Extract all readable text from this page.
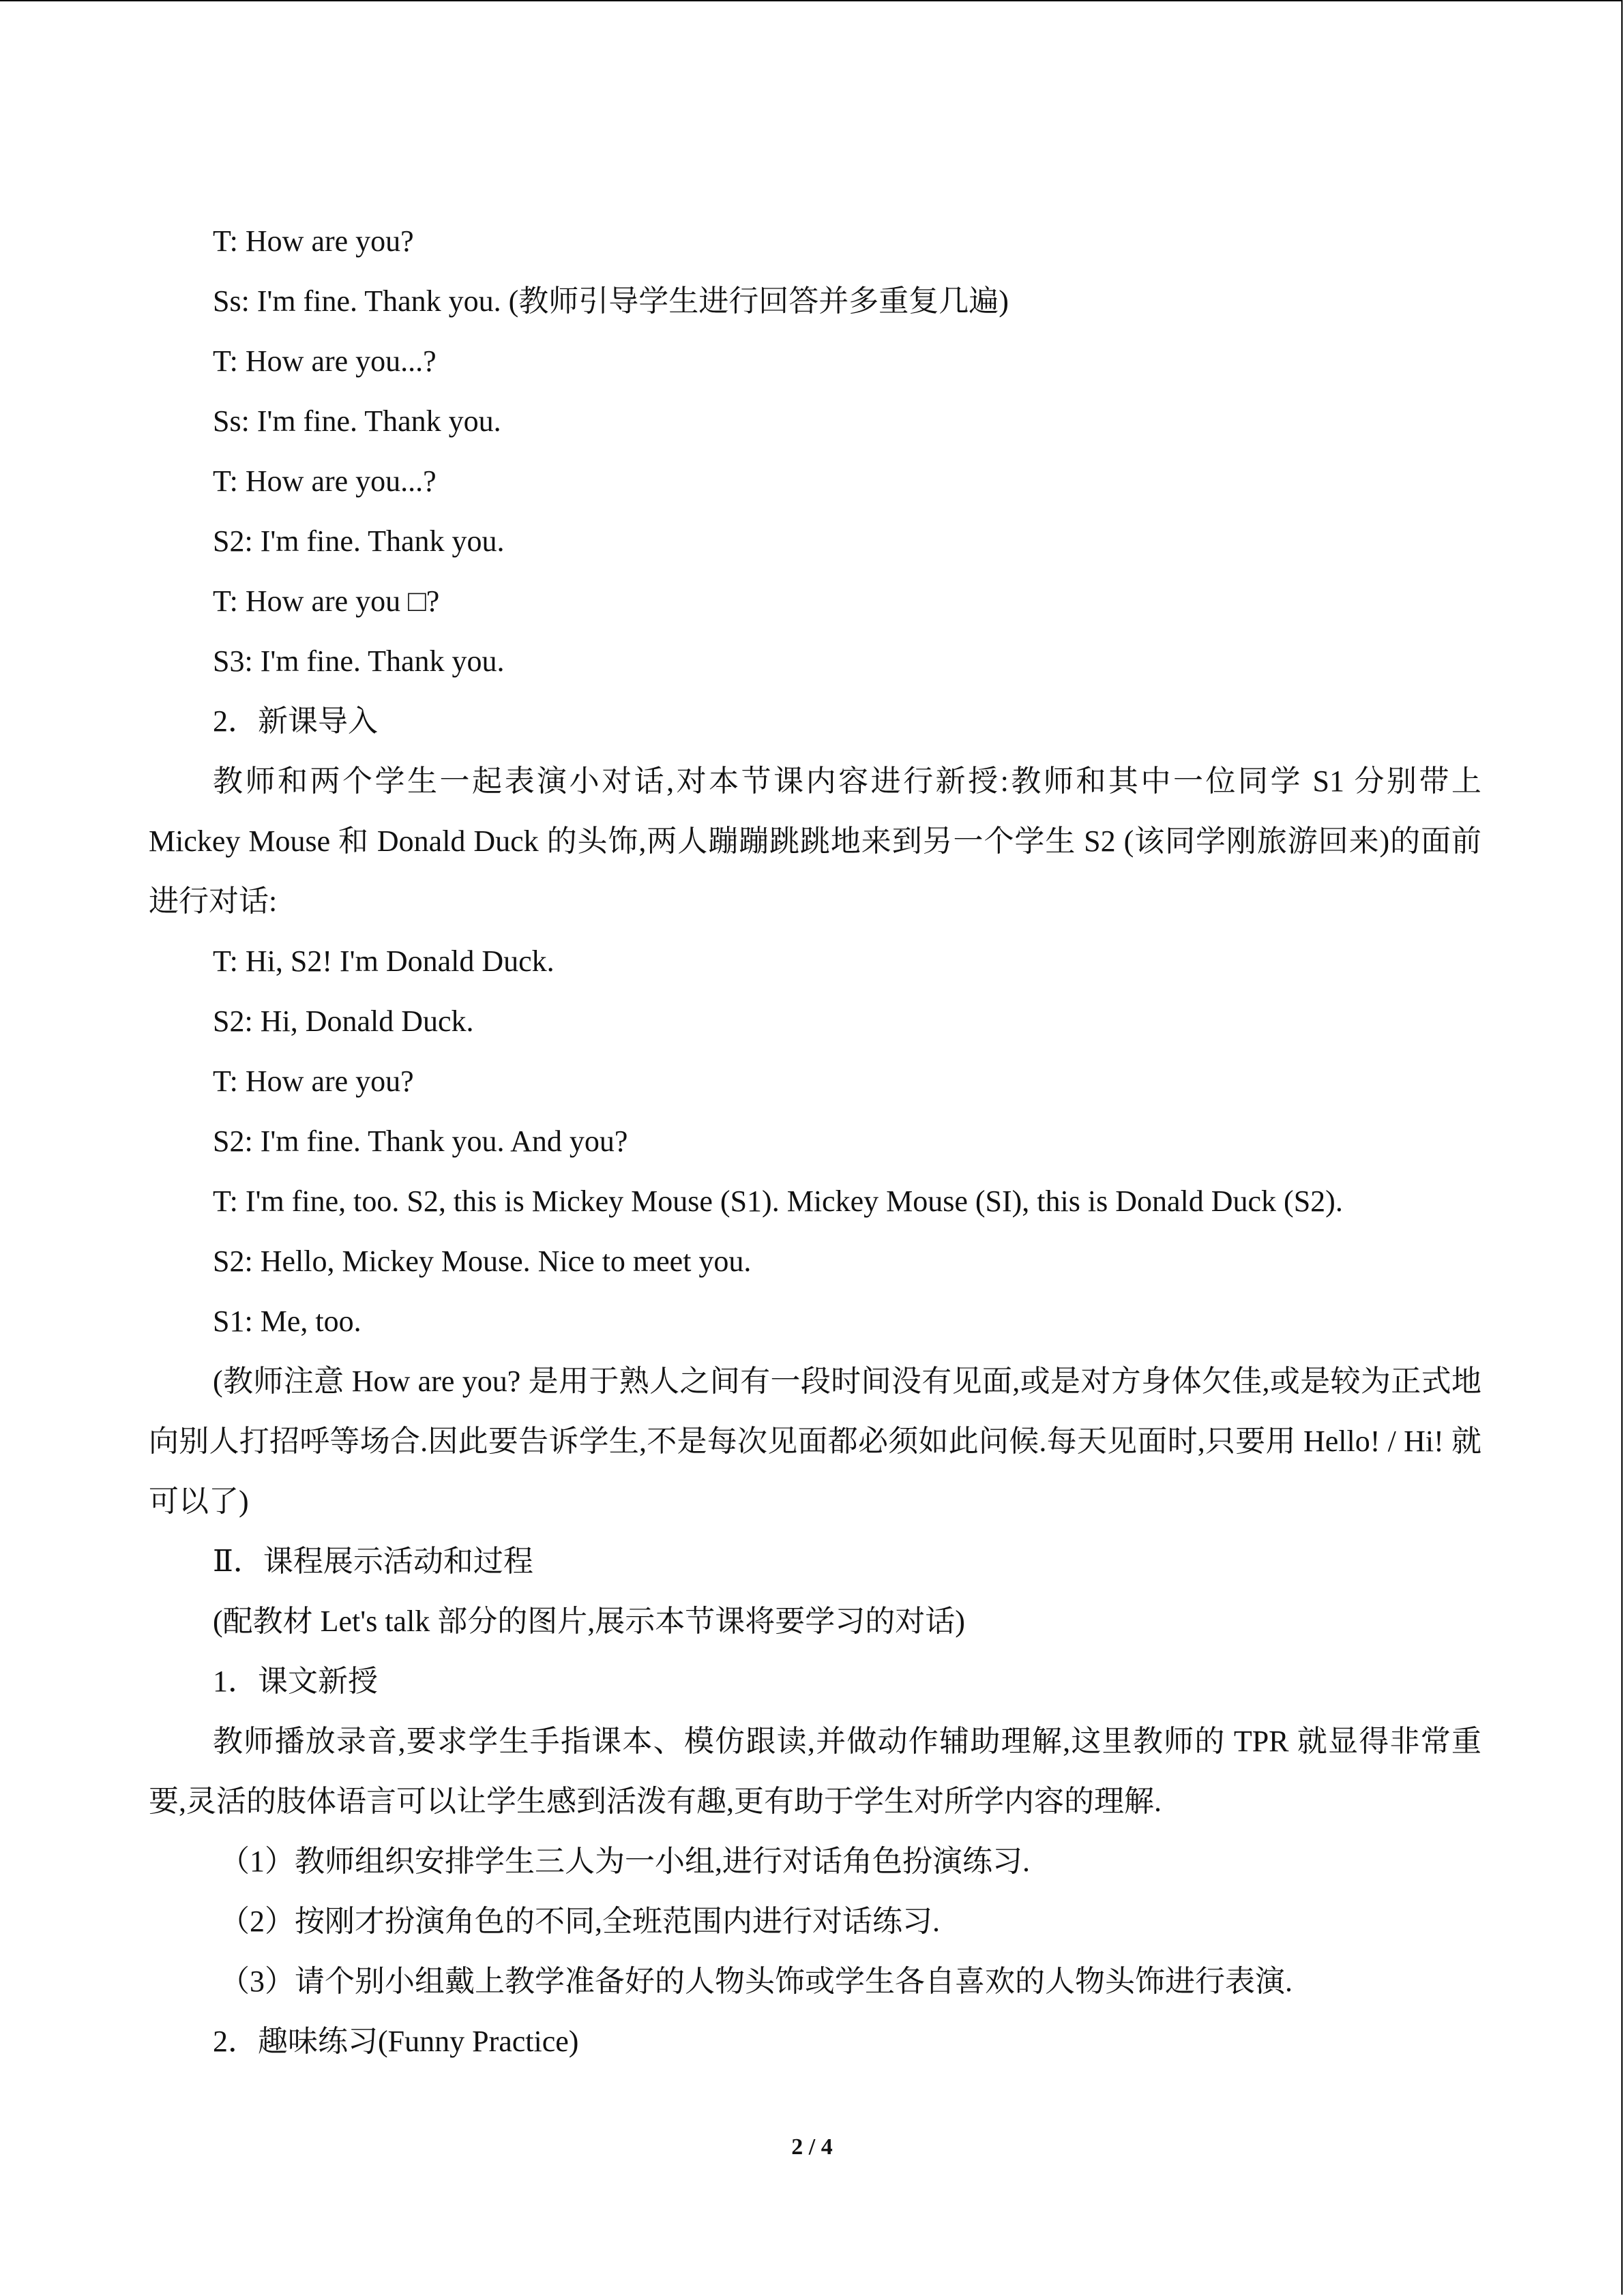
T: How are you?
Ss: I'm fine. Thank you. (教师引导学生进行回答并多重复几遍)
T: How are you...?
Ss: I'm fine. Thank you.
T: How are you...?
S2: I'm fine. Thank you.
T: How are you □?
S3: I'm fine. Thank you.
2．新课导入
教师和两个学生一起表演小对话,对本节课内容进行新授:教师和其中一位同学 S1 分别带上 Mickey Mouse 和 Donald Duck 的头饰,两人蹦蹦跳跳地来到另一个学生 S2 (该同学刚旅游回来)的面前进行对话:
T: Hi, S2! I'm Donald Duck.
S2: Hi, Donald Duck.
T: How are you?
S2: I'm fine. Thank you. And you?
T: I'm fine, too. S2, this is Mickey Mouse (S1). Mickey Mouse (SI), this is Donald Duck (S2).
S2: Hello, Mickey Mouse. Nice to meet you.
S1: Me, too.
(教师注意 How are you? 是用于熟人之间有一段时间没有见面,或是对方身体欠佳,或是较为正式地向别人打招呼等场合.因此要告诉学生,不是每次见面都必须如此问候.每天见面时,只要用 Hello! / Hi! 就可以了)
Ⅱ．课程展示活动和过程
(配教材 Let's talk 部分的图片,展示本节课将要学习的对话)
1．课文新授
教师播放录音,要求学生手指课本、模仿跟读,并做动作辅助理解,这里教师的 TPR 就显得非常重要,灵活的肢体语言可以让学生感到活泼有趣,更有助于学生对所学内容的理解.
（1）教师组织安排学生三人为一小组,进行对话角色扮演练习.
（2）按刚才扮演角色的不同,全班范围内进行对话练习.
（3）请个别小组戴上教学准备好的人物头饰或学生各自喜欢的人物头饰进行表演.
2．趣味练习(Funny Practice)
2 / 4
